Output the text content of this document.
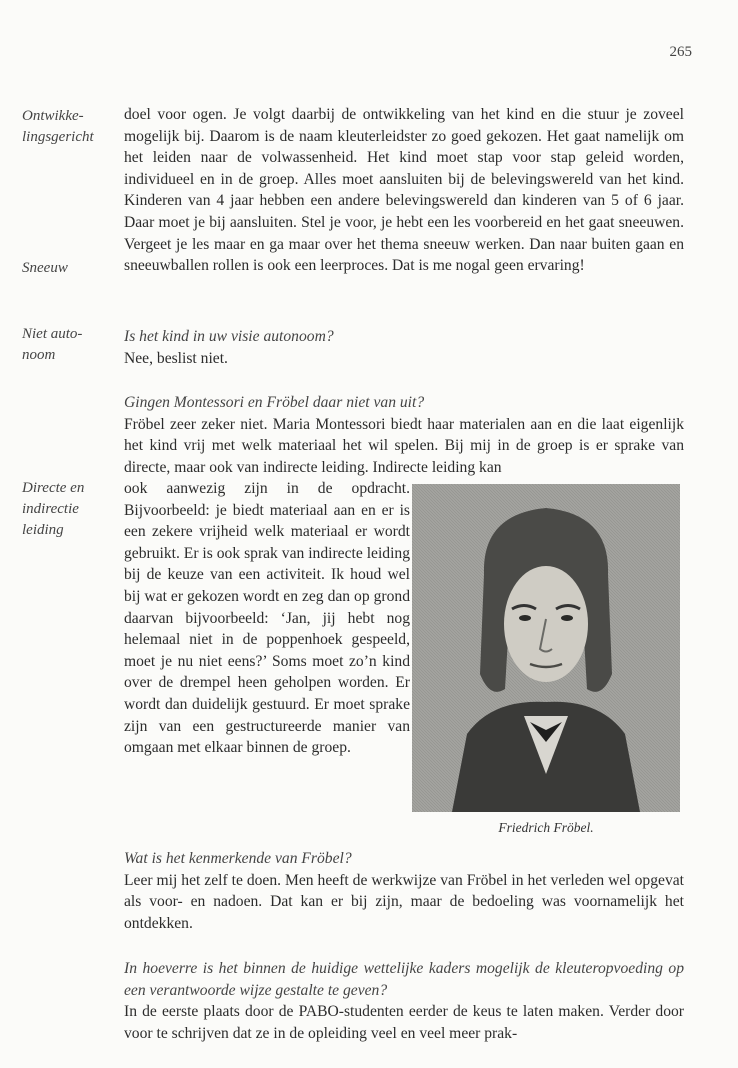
265
Ontwikke-
lingsgericht
Sneeuw
Niet auto-
noom
Directe en
indirectie
leiding

doel voor ogen. Je volgt daarbij de ontwikkeling van het kind en die stuur je zoveel mogelijk bij. Daarom is de naam kleuterleidster zo goed gekozen. Het gaat namelijk om het leiden naar de volwassenheid. Het kind moet stap voor stap geleid worden, individueel en in de groep. Alles moet aansluiten bij de belevingswereld van het kind. Kinderen van 4 jaar hebben een andere belevingswereld dan kinderen van 5 of 6 jaar. Daar moet je bij aansluiten. Stel je voor, je hebt een les voorbereid en het gaat sneeuwen. Vergeet je les maar en ga maar over het thema sneeuw werken. Dan naar buiten gaan en sneeuwballen rollen is ook een leerproces. Dat is me nogal geen ervaring!

Is het kind in uw visie autonoom?
Nee, beslist niet.
Gingen Montessori en Fröbel daar niet van uit?
Fröbel zeer zeker niet. Maria Montessori biedt haar materialen aan en die laat eigenlijk het kind vrij met welk materiaal het wil spelen. Bij mij in de groep is er sprake van directe, maar ook van indirecte leiding. Indirecte leiding kan

ook aanwezig zijn in de opdracht. Bijvoorbeeld: je biedt materiaal aan en er is een zekere vrijheid welk materiaal er wordt gebruikt. Er is ook sprak van indirecte leiding bij de keuze van een activiteit. Ik houd wel bij wat er gekozen wordt en zeg dan op grond daarvan bijvoorbeeld: ‘Jan, jij hebt nog helemaal niet in de poppenhoek gespeeld, moet je nu niet eens?’ Soms moet zo’n kind over de drempel heen geholpen worden. Er wordt dan duidelijk gestuurd. Er moet sprake zijn van een gestructureerde manier van omgaan met elkaar binnen de groep.

Friedrich Fröbel.
Wat is het kenmerkende van Fröbel?
Leer mij het zelf te doen. Men heeft de werkwijze van Fröbel in het verleden wel opgevat als voor- en nadoen. Dat kan er bij zijn, maar de bedoeling was voornamelijk het ontdekken.
In hoeverre is het binnen de huidige wettelijke kaders mogelijk de kleuteropvoeding op een verantwoorde wijze gestalte te geven?
In de eerste plaats door de PABO-studenten eerder de keus te laten maken. Verder door voor te schrijven dat ze in de opleiding veel en veel meer prak-
